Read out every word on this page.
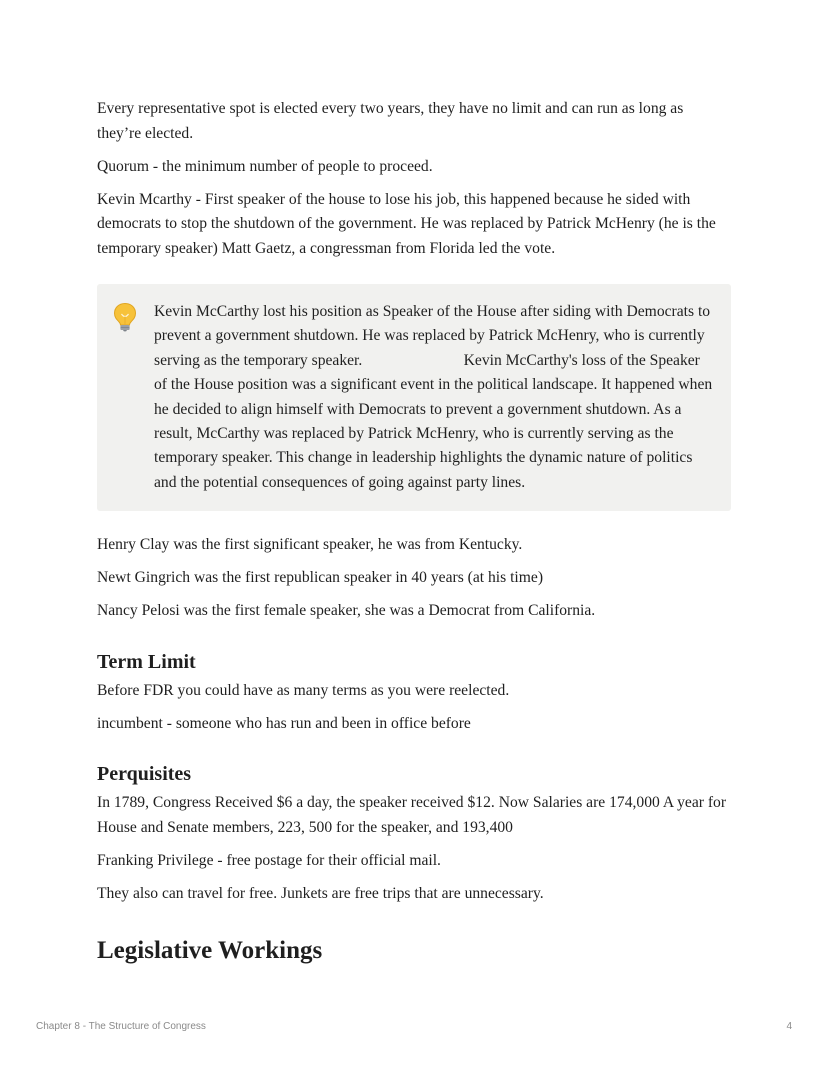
Every representative spot is elected every two years, they have no limit and can run as long as they’re elected.

Quorum - the minimum number of people to proceed.

Kevin Mcarthy - First speaker of the house to lose his job, this happened because he sided with democrats to stop the shutdown of the government. He was replaced by Patrick McHenry (he is the temporary speaker) Matt Gaetz, a congressman from Florida led the vote.

Kevin McCarthy lost his position as Speaker of the House after siding with Democrats to prevent a government shutdown. He was replaced by Patrick McHenry, who is currently serving as the temporary speaker.                          Kevin McCarthy's loss of the Speaker of the House position was a significant event in the political landscape. It happened when he decided to align himself with Democrats to prevent a government shutdown. As a result, McCarthy was replaced by Patrick McHenry, who is currently serving as the temporary speaker. This change in leadership highlights the dynamic nature of politics and the potential consequences of going against party lines.

Henry Clay was the first significant speaker, he was from Kentucky.

Newt Gingrich was the first republican speaker in 40 years (at his time)

Nancy Pelosi was the first female speaker, she was a Democrat from California.

Term Limit

Before FDR you could have as many terms as you were reelected.

incumbent - someone who has run and been in office before

Perquisites

In 1789, Congress Received $6 a day, the speaker received $12. Now Salaries are 174,000 A year for House and Senate members, 223, 500 for the speaker, and 193,400

Franking Privilege - free postage for their official mail.

They also can travel for free. Junkets are free trips that are unnecessary.

Legislative Workings
Chapter 8 - The Structure of Congress	4
